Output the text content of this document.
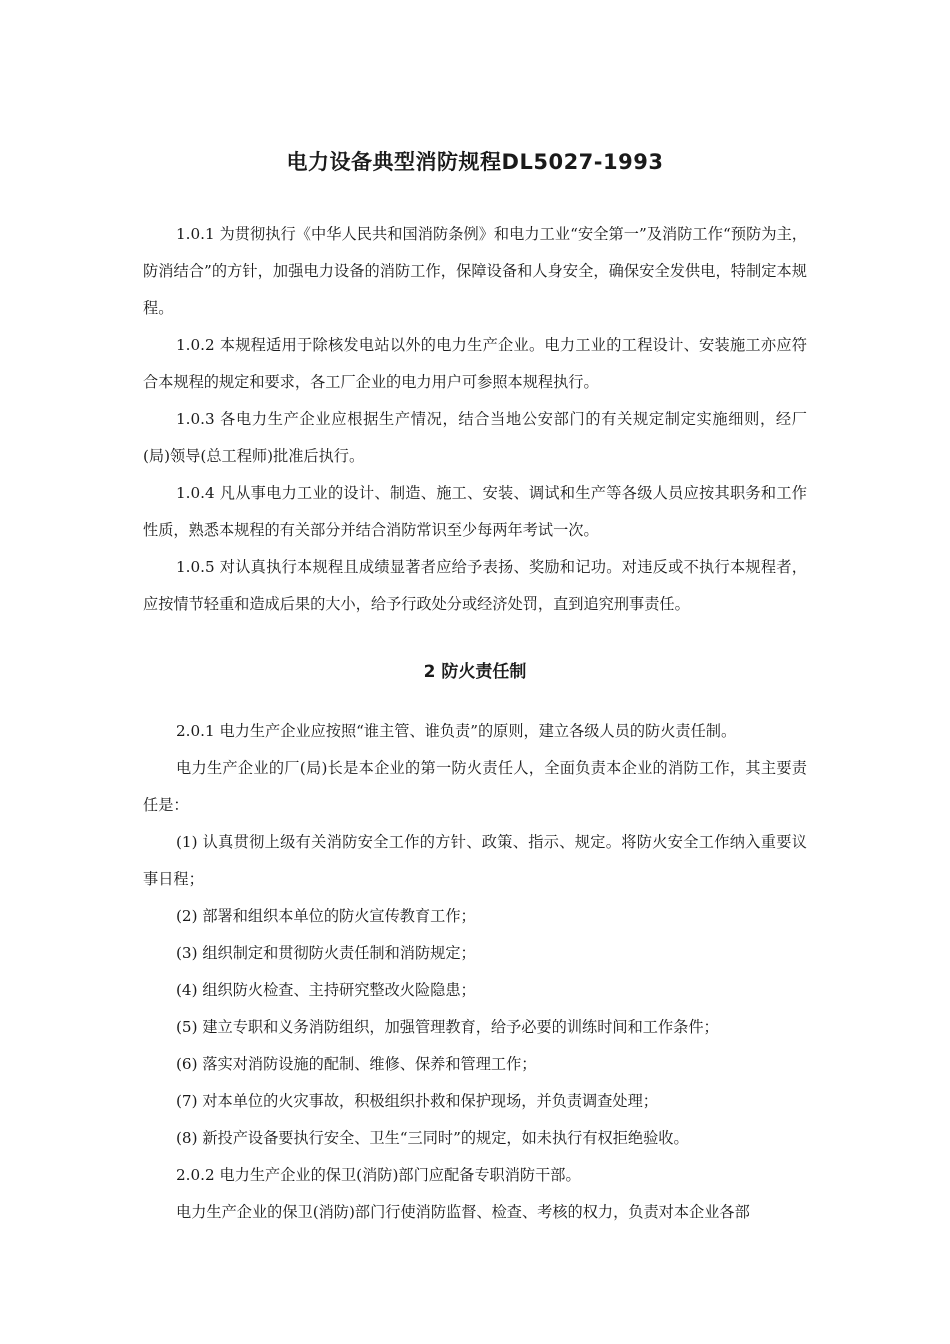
电力设备典型消防规程DL5027-1993

1.0.1 为贯彻执行《中华人民共和国消防条例》和电力工业“安全第一”及消防工作“预防为主，防消结合”的方针，加强电力设备的消防工作，保障设备和人身安全，确保安全发供电，特制定本规程。

1.0.2 本规程适用于除核发电站以外的电力生产企业。电力工业的工程设计、安装施工亦应符合本规程的规定和要求，各工厂企业的电力用户可参照本规程执行。

1.0.3 各电力生产企业应根据生产情况，结合当地公安部门的有关规定制定实施细则，经厂(局)领导(总工程师)批准后执行。

1.0.4 凡从事电力工业的设计、制造、施工、安装、调试和生产等各级人员应按其职务和工作性质，熟悉本规程的有关部分并结合消防常识至少每两年考试一次。

1.0.5 对认真执行本规程且成绩显著者应给予表扬、奖励和记功。对违反或不执行本规程者，应按情节轻重和造成后果的大小，给予行政处分或经济处罚，直到追究刑事责任。

2 防火责任制

2.0.1 电力生产企业应按照“谁主管、谁负责”的原则，建立各级人员的防火责任制。

电力生产企业的厂(局)长是本企业的第一防火责任人，全面负责本企业的消防工作，其主要责任是：

(1) 认真贯彻上级有关消防安全工作的方针、政策、指示、规定。将防火安全工作纳入重要议事日程；

(2) 部署和组织本单位的防火宣传教育工作；

(3) 组织制定和贯彻防火责任制和消防规定；

(4) 组织防火检查、主持研究整改火险隐患；

(5) 建立专职和义务消防组织，加强管理教育，给予必要的训练时间和工作条件；

(6) 落实对消防设施的配制、维修、保养和管理工作；

(7) 对本单位的火灾事故，积极组织扑救和保护现场，并负责调查处理；

(8) 新投产设备要执行安全、卫生“三同时”的规定，如未执行有权拒绝验收。

2.0.2 电力生产企业的保卫(消防)部门应配备专职消防干部。

电力生产企业的保卫(消防)部门行使消防监督、检查、考核的权力，负责对本企业各部
